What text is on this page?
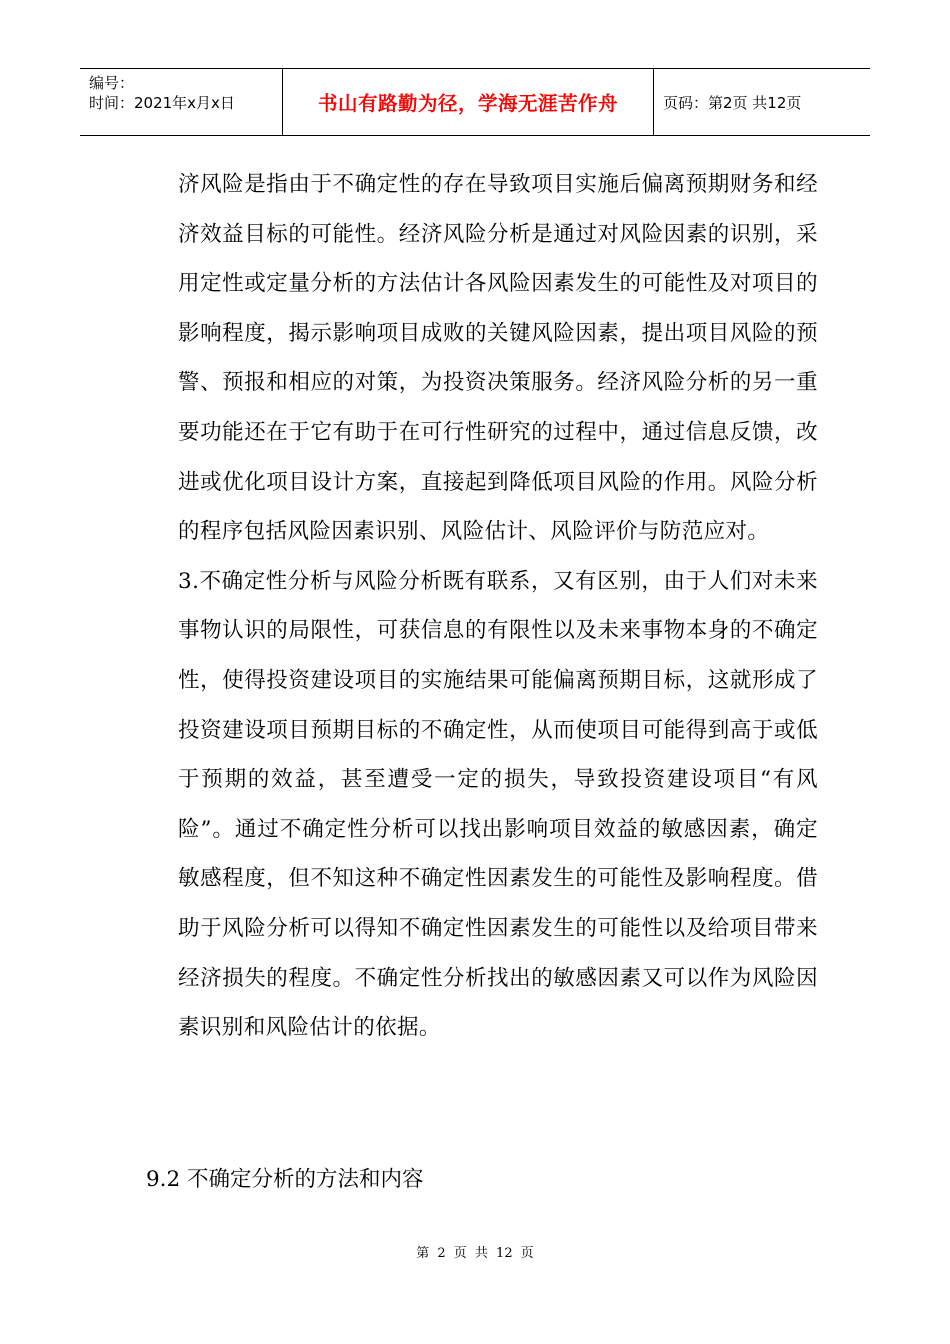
编号：
时间：2021年x月x日	书山有路勤为径，学海无涯苦作舟	页码：第2页 共12页
济风险是指由于不确定性的存在导致项目实施后偏离预期财务和经济效益目标的可能性。经济风险分析是通过对风险因素的识别，采用定性或定量分析的方法估计各风险因素发生的可能性及对项目的影响程度，揭示影响项目成败的关键风险因素，提出项目风险的预警、预报和相应的对策，为投资决策服务。经济风险分析的另一重要功能还在于它有助于在可行性研究的过程中，通过信息反馈，改进或优化项目设计方案，直接起到降低项目风险的作用。风险分析的程序包括风险因素识别、风险估计、风险评价与防范应对。
3.不确定性分析与风险分析既有联系，又有区别，由于人们对未来事物认识的局限性，可获信息的有限性以及未来事物本身的不确定性，使得投资建设项目的实施结果可能偏离预期目标，这就形成了投资建设项目预期目标的不确定性，从而使项目可能得到高于或低于预期的效益，甚至遭受一定的损失，导致投资建设项目“有风险”。通过不确定性分析可以找出影响项目效益的敏感因素，确定敏感程度，但不知这种不确定性因素发生的可能性及影响程度。借助于风险分析可以得知不确定性因素发生的可能性以及给项目带来经济损失的程度。不确定性分析找出的敏感因素又可以作为风险因素识别和风险估计的依据。
9.2 不确定分析的方法和内容
第 2 页 共 12 页
